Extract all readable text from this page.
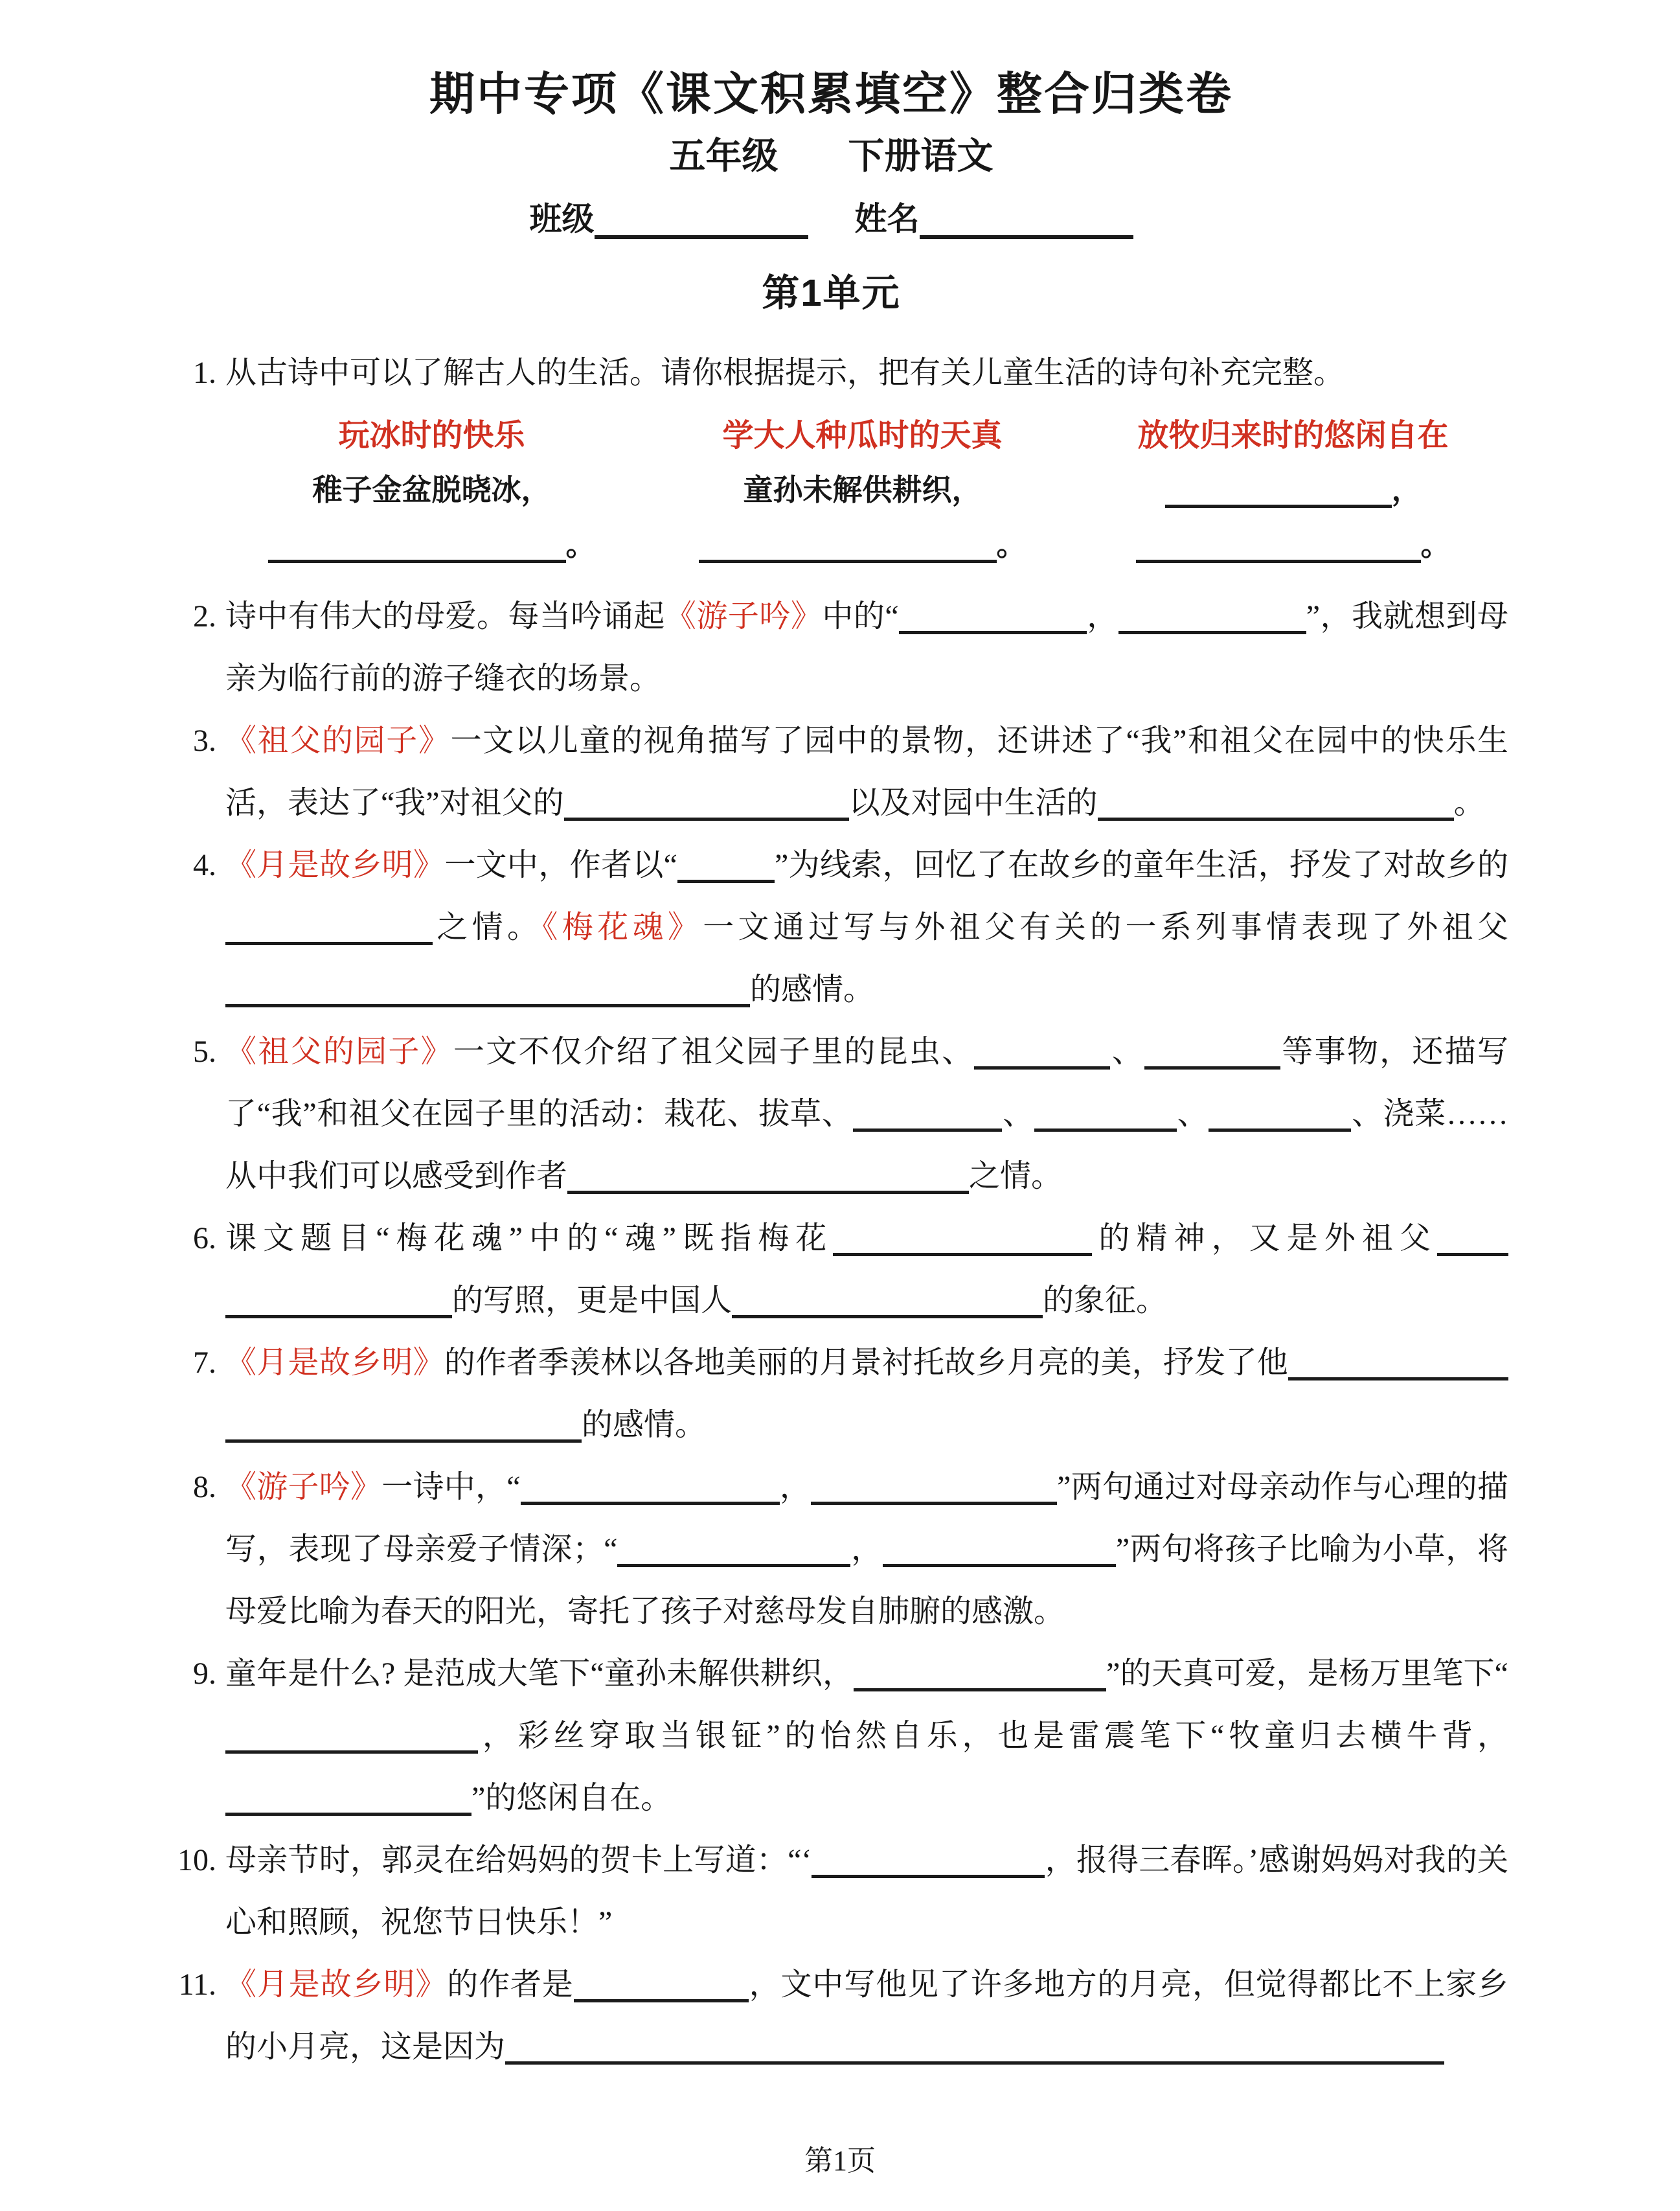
期中专项《课文积累填空》整合归类卷
五年级 下册语文
班级	姓名
第1单元
1. 从古诗中可以了解古人的生活。请你根据提示，把有关儿童生活的诗句补充完整。
玩冰时的快乐
稚子金盆脱晓冰，
。
学大人种瓜时的天真
童孙未解供耕织，
。
放牧归来时的悠闲自在
，
。
2. 诗中有伟大的母爱。每当吟诵起《游子吟》中的“	，	”，我就想到母亲为临行前的游子缝衣的场景。
3. 《祖父的园子》一文以儿童的视角描写了园中的景物，还讲述了“我”和祖父在园中的快乐生活，表达了“我”对祖父的	以及对园中生活的	。
4. 《月是故乡明》一文中，作者以“	”为线索，回忆了在故乡的童年生活，抒发了对故乡的之情。《梅花魂》一文通过写与外祖父有关的一系列事情表现了外祖父的感情。
5. 《祖父的园子》一文不仅介绍了祖父园子里的昆虫、	、	等事物，还描写了“我”和祖父在园子里的活动：栽花、拔草、	、	、	、浇菜……从中我们可以感受到作者	之情。
6. 课文题目“梅花魂”中的“魂”既指梅花	的精神，又是外祖父的写照，更是中国人	的象征。
7. 《月是故乡明》的作者季羡林以各地美丽的月景衬托故乡月亮的美，抒发了他的感情。
8. 《游子吟》一诗中，“	，	”两句通过对母亲动作与心理的描写，表现了母亲爱子情深；“	，	”两句将孩子比喻为小草，将母爱比喻为春天的阳光，寄托了孩子对慈母发自肺腑的感激。
9. 童年是什么? 是范成大笔下“童孙未解供耕织，	”的天真可爱，是杨万里笔下“，彩丝穿取当银钲”的怡然自乐，也是雷震笔下“牧童归去横牛背，”的悠闲自在。
10. 母亲节时，郭灵在给妈妈的贺卡上写道：“‘	，报得三春晖。’感谢妈妈对我的关心和照顾，祝您节日快乐！”
11. 《月是故乡明》的作者是	，文中写他见了许多地方的月亮，但觉得都比不上家乡的小月亮，这是因为
第1页
